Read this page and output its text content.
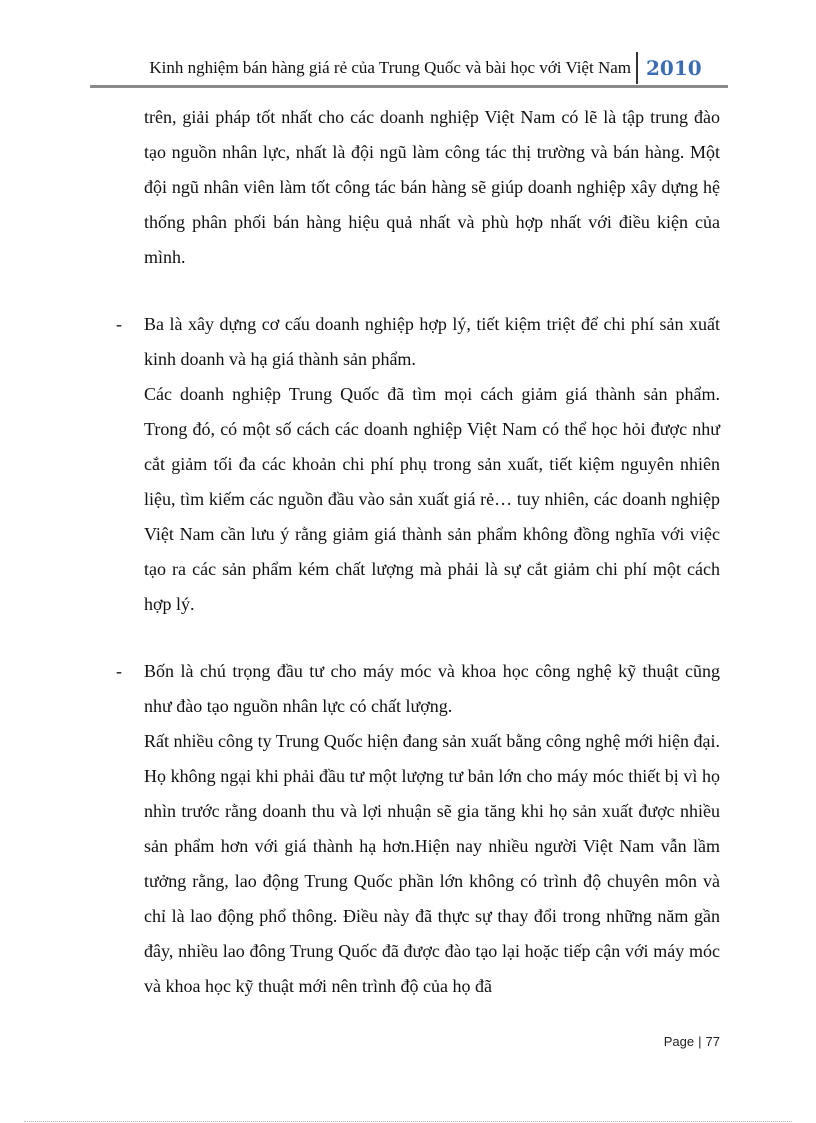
Kinh nghiệm bán hàng giá rẻ của Trung Quốc và bài học với Việt Nam 2010

trên, giải pháp tốt nhất cho các doanh nghiệp Việt Nam có lẽ là tập trung đào tạo nguồn nhân lực, nhất là đội ngũ làm công tác thị trường và bán hàng. Một đội ngũ nhân viên làm tốt công tác bán hàng sẽ giúp doanh nghiệp xây dựng hệ thống phân phối bán hàng hiệu quả nhất và phù hợp nhất với điều kiện của mình.

- Ba là xây dựng cơ cấu doanh nghiệp hợp lý, tiết kiệm triệt để chi phí sản xuất kinh doanh và hạ giá thành sản phẩm.

Các doanh nghiệp Trung Quốc đã tìm mọi cách giảm giá thành sản phẩm. Trong đó, có một số cách các doanh nghiệp Việt Nam có thể học hỏi được như cắt giảm tối đa các khoản chi phí phụ trong sản xuất, tiết kiệm nguyên nhiên liệu, tìm kiếm các nguồn đầu vào sản xuất giá rẻ… tuy nhiên, các doanh nghiệp Việt Nam cần lưu ý rằng giảm giá thành sản phẩm không đồng nghĩa với việc tạo ra các sản phẩm kém chất lượng mà phải là sự cắt giảm chi phí một cách hợp lý.

- Bốn là chú trọng đầu tư cho máy móc và khoa học công nghệ kỹ thuật cũng như đào tạo nguồn nhân lực có chất lượng.

Rất nhiều công ty Trung Quốc hiện đang sản xuất bằng công nghệ mới hiện đại. Họ không ngại khi phải đầu tư một lượng tư bản lớn cho máy móc thiết bị vì họ nhìn trước rằng doanh thu và lợi nhuận sẽ gia tăng khi họ sản xuất được nhiều sản phẩm hơn với giá thành hạ hơn.Hiện nay nhiều người Việt Nam vẫn lầm tưởng rằng, lao động Trung Quốc phần lớn không có trình độ chuyên môn và chỉ là lao động phổ thông. Điều này đã thực sự thay đổi trong những năm gần đây, nhiều lao đông Trung Quốc đã được đào tạo lại hoặc tiếp cận với máy móc và khoa học kỹ thuật mới nên trình độ của họ đã

Page | 77
